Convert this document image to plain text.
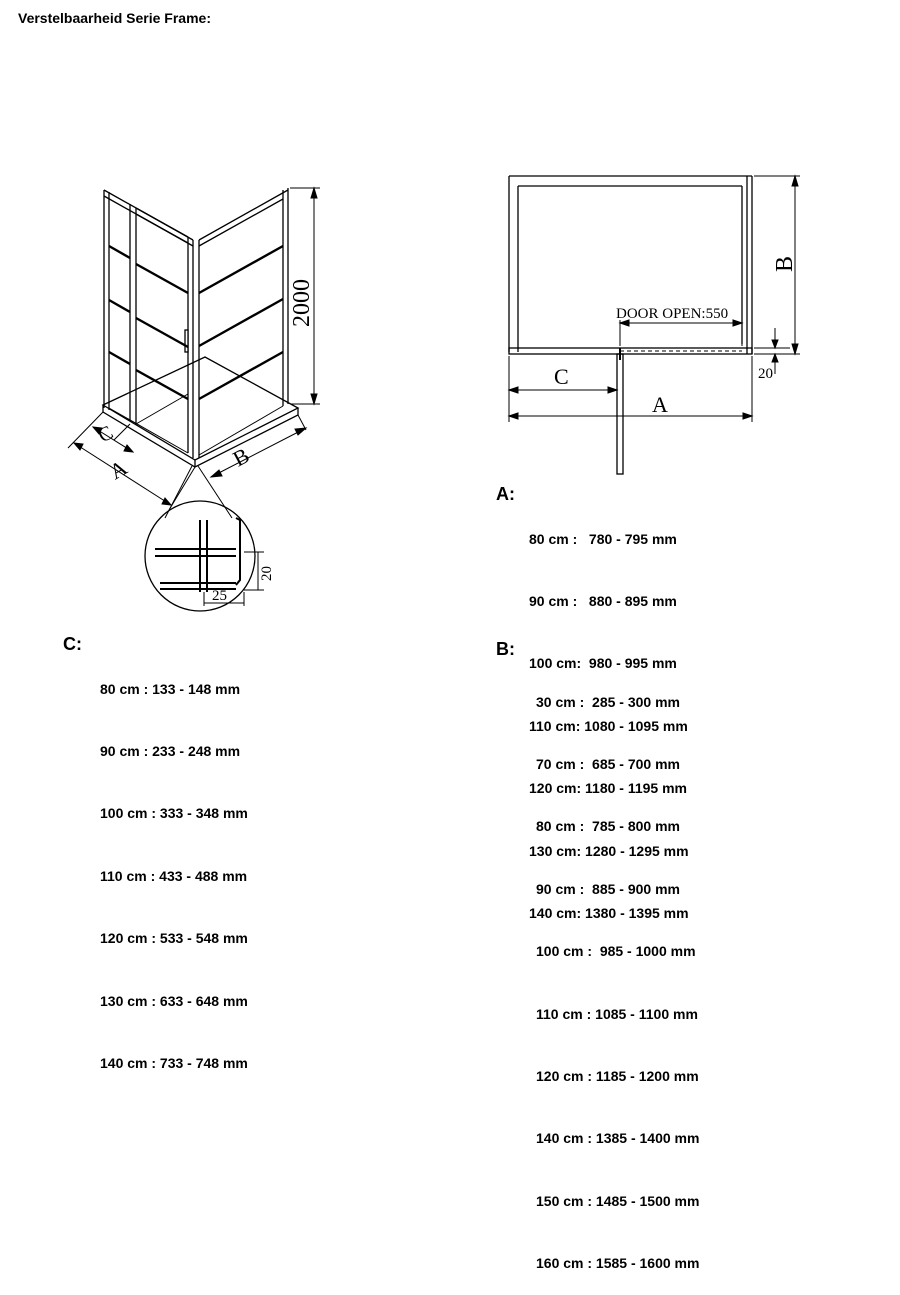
Verstelbaarheid Serie Frame:
2000
A
C
B
20
25
DOOR OPEN:550
B
C
A
20
A:

80 cm :   780 - 795 mm

90 cm :   880 - 895 mm

100 cm:  980 - 995 mm

110 cm: 1080 - 1095 mm

120 cm: 1180 - 1195 mm

130 cm: 1280 - 1295 mm

140 cm: 1380 - 1395 mm

B:

30 cm :  285 - 300 mm

70 cm :  685 - 700 mm

80 cm :  785 - 800 mm

90 cm :  885 - 900 mm

100 cm :  985 - 1000 mm

110 cm : 1085 - 1100 mm

120 cm : 1185 - 1200 mm

140 cm : 1385 - 1400 mm

150 cm : 1485 - 1500 mm

160 cm : 1585 - 1600 mm

C:

80 cm : 133 - 148 mm

90 cm : 233 - 248 mm

100 cm : 333 - 348 mm

110 cm : 433 - 488 mm

120 cm : 533 - 548 mm

130 cm : 633 - 648 mm

140 cm : 733 - 748 mm
